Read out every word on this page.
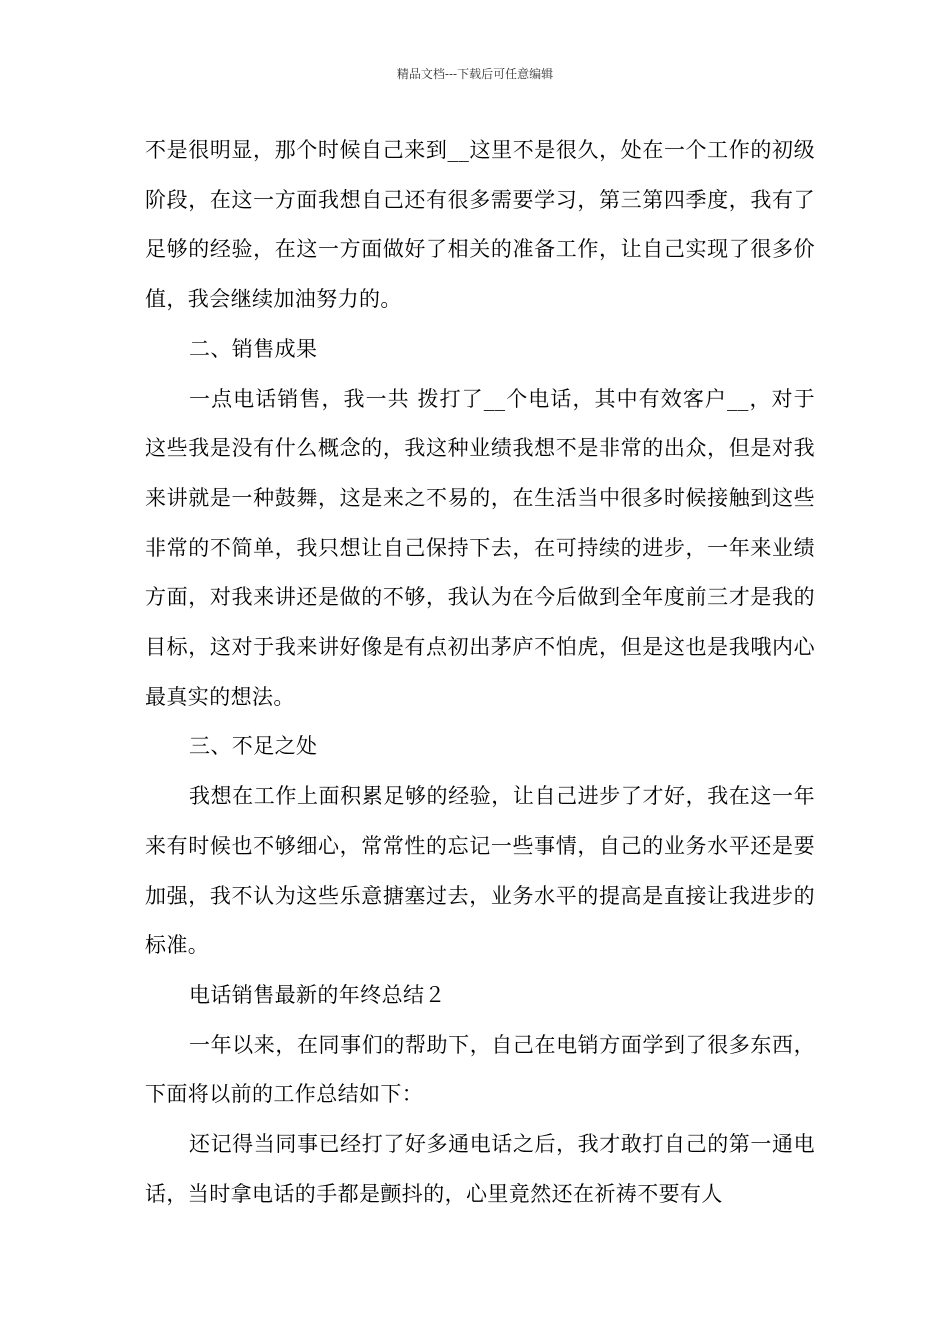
精品文档---下载后可任意编辑

不是很明显，那个时候自己来到__这里不是很久，处在一个工作的初级阶段，在这一方面我想自己还有很多需要学习，第三第四季度，我有了足够的经验，在这一方面做好了相关的准备工作，让自己实现了很多价值，我会继续加油努力的。

二、销售成果

一点电话销售，我一共 拨打了__个电话，其中有效客户__，对于这些我是没有什么概念的，我这种业绩我想不是非常的出众，但是对我来讲就是一种鼓舞，这是来之不易的，在生活当中很多时候接触到这些非常的不简单，我只想让自己保持下去，在可持续的进步，一年来业绩方面，对我来讲还是做的不够，我认为在今后做到全年度前三才是我的目标，这对于我来讲好像是有点初出茅庐不怕虎，但是这也是我哦内心最真实的想法。

三、不足之处

我想在工作上面积累足够的经验，让自己进步了才好，我在这一年来有时候也不够细心，常常性的忘记一些事情，自己的业务水平还是要加强，我不认为这些乐意搪塞过去，业务水平的提高是直接让我进步的标准。

电话销售最新的年终总结２

一年以来，在同事们的帮助下，自己在电销方面学到了很多东西，下面将以前的工作总结如下：

还记得当同事已经打了好多通电话之后，我才敢打自己的第一通电话，当时拿电话的手都是颤抖的，心里竟然还在祈祷不要有人
